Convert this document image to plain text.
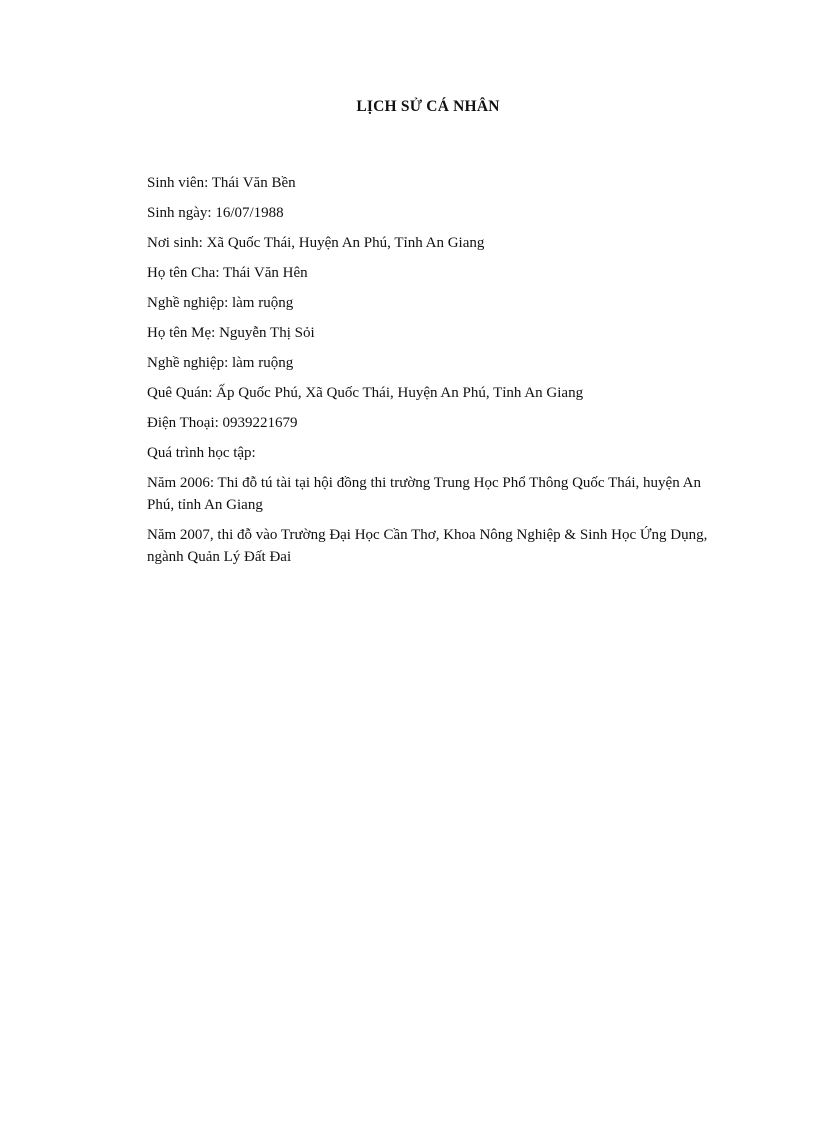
LỊCH SỬ CÁ NHÂN

Sinh viên: Thái Văn Bền

Sinh ngày: 16/07/1988

Nơi sinh: Xã Quốc Thái, Huyện An Phú, Tỉnh An Giang

Họ tên Cha: Thái Văn Hên

Nghề nghiệp: làm ruộng

Họ tên Mẹ: Nguyễn Thị Sỏi

Nghề nghiệp: làm ruộng

Quê Quán: Ấp Quốc Phú, Xã Quốc Thái, Huyện An Phú, Tỉnh An Giang

Điện Thoại: 0939221679

Quá trình học tập:

Năm 2006: Thi đỗ tú tài tại hội đồng thi trường Trung Học Phổ Thông Quốc Thái, huyện An Phú, tỉnh An Giang

Năm 2007, thi đỗ vào Trường Đại Học Cần Thơ, Khoa Nông Nghiệp & Sinh Học Ứng Dụng, ngành Quản Lý Đất Đai
